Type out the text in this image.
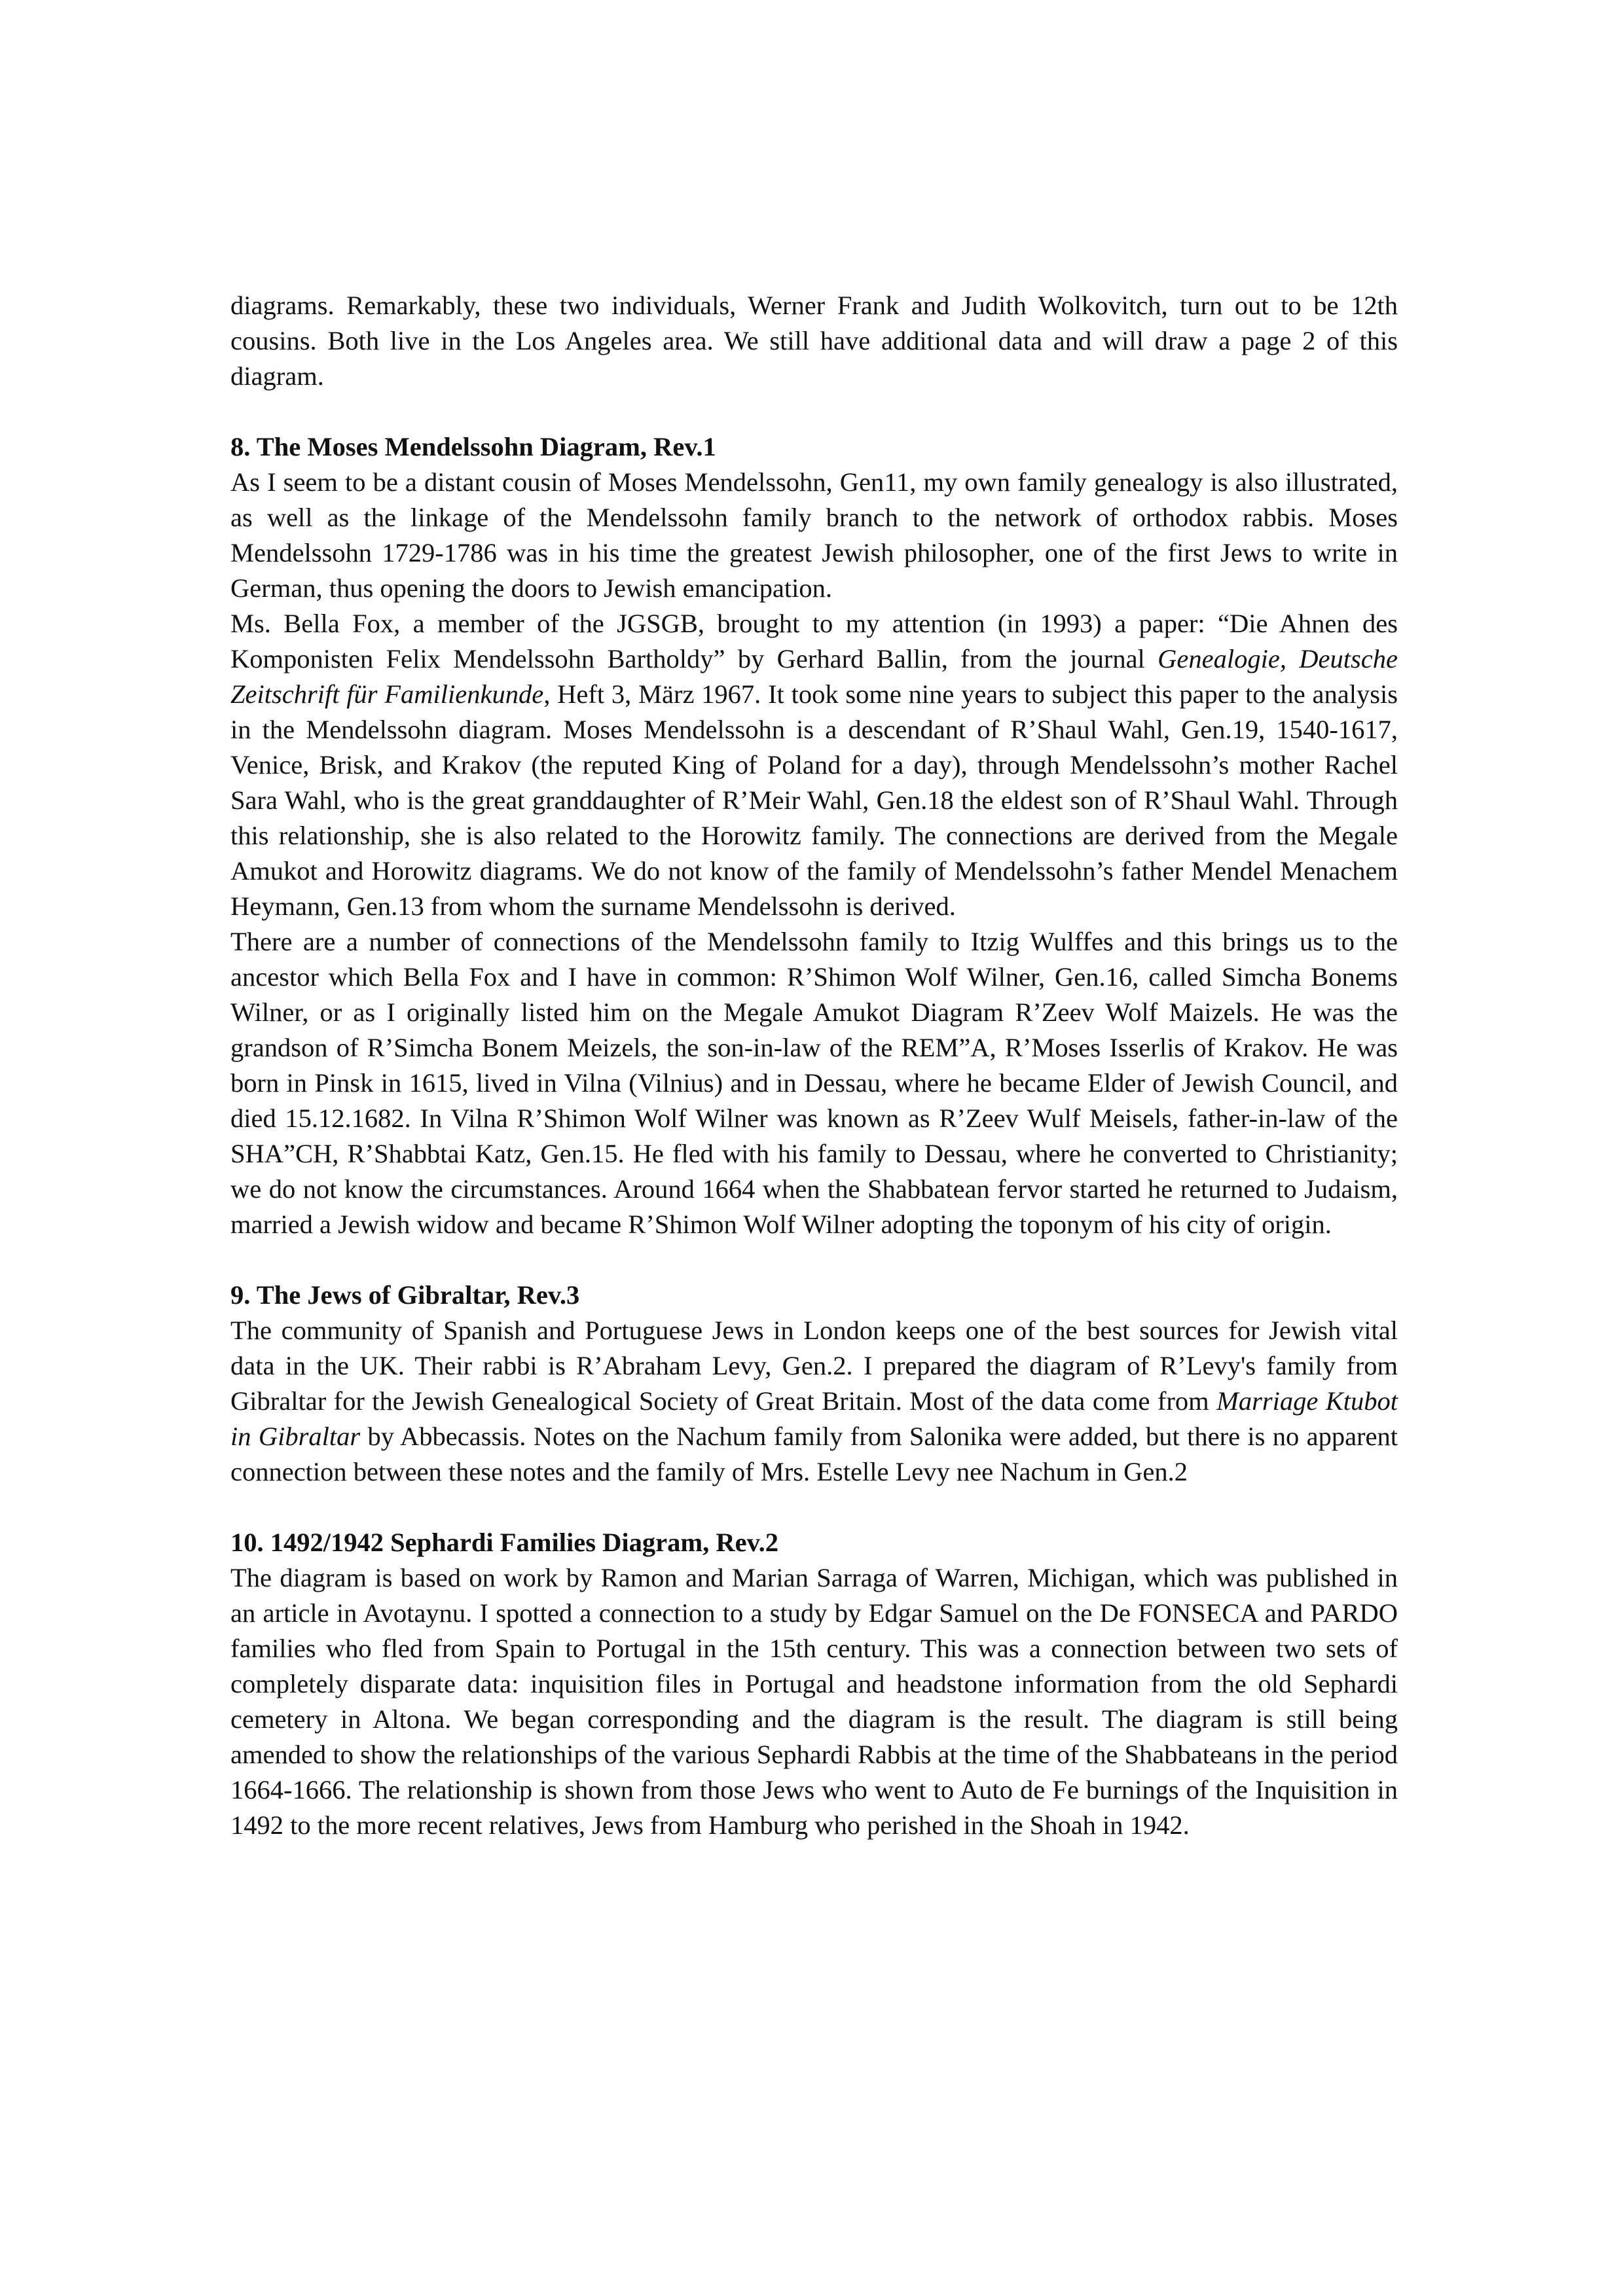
diagrams. Remarkably, these two individuals, Werner Frank and Judith Wolkovitch, turn out to be 12th cousins. Both live in the Los Angeles area. We still have additional data and will draw a page 2 of this diagram.

8. The Moses Mendelssohn Diagram, Rev.1

As I seem to be a distant cousin of Moses Mendelssohn, Gen11, my own family genealogy is also illustrated, as well as the linkage of the Mendelssohn family branch to the network of orthodox rabbis. Moses Mendelssohn 1729-1786 was in his time the greatest Jewish philosopher, one of the first Jews to write in German, thus opening the doors to Jewish emancipation.

Ms. Bella Fox, a member of the JGSGB, brought to my attention (in 1993) a paper: “Die Ahnen des Komponisten Felix Mendelssohn Bartholdy” by Gerhard Ballin, from the journal Genealogie, Deutsche Zeitschrift für Familienkunde, Heft 3, März 1967. It took some nine years to subject this paper to the analysis in the Mendelssohn diagram. Moses Mendelssohn is a descendant of R’Shaul Wahl, Gen.19, 1540-1617, Venice, Brisk, and Krakov (the reputed King of Poland for a day), through Mendelssohn’s mother Rachel Sara Wahl, who is the great granddaughter of R’Meir Wahl, Gen.18 the eldest son of R’Shaul Wahl. Through this relationship, she is also related to the Horowitz family. The connections are derived from the Megale Amukot and Horowitz diagrams. We do not know of the family of Mendelssohn’s father Mendel Menachem Heymann, Gen.13 from whom the surname Mendelssohn is derived.

There are a number of connections of the Mendelssohn family to Itzig Wulffes and this brings us to the ancestor which Bella Fox and I have in common: R’Shimon Wolf Wilner, Gen.16, called Simcha Bonems Wilner, or as I originally listed him on the Megale Amukot Diagram R’Zeev Wolf Maizels. He was the grandson of R’Simcha Bonem Meizels, the son-in-law of the REM”A, R’Moses Isserlis of Krakov. He was born in Pinsk in 1615, lived in Vilna (Vilnius) and in Dessau, where he became Elder of Jewish Council, and died 15.12.1682. In Vilna R’Shimon Wolf Wilner was known as R’Zeev Wulf Meisels, father-in-law of the SHA”CH, R’Shabbtai Katz, Gen.15. He fled with his family to Dessau, where he converted to Christianity; we do not know the circumstances. Around 1664 when the Shabbatean fervor started he returned to Judaism, married a Jewish widow and became R’Shimon Wolf Wilner adopting the toponym of his city of origin.

9. The Jews of Gibraltar, Rev.3

The community of Spanish and Portuguese Jews in London keeps one of the best sources for Jewish vital data in the UK. Their rabbi is R’Abraham Levy, Gen.2. I prepared the diagram of R’Levy's family from Gibraltar for the Jewish Genealogical Society of Great Britain. Most of the data come from Marriage Ktubot in Gibraltar by Abbecassis. Notes on the Nachum family from Salonika were added, but there is no apparent connection between these notes and the family of Mrs. Estelle Levy nee Nachum in Gen.2

10. 1492/1942 Sephardi Families Diagram, Rev.2

The diagram is based on work by Ramon and Marian Sarraga of Warren, Michigan, which was published in an article in Avotaynu. I spotted a connection to a study by Edgar Samuel on the De FONSECA and PARDO families who fled from Spain to Portugal in the 15th century. This was a connection between two sets of completely disparate data: inquisition files in Portugal and headstone information from the old Sephardi cemetery in Altona. We began corresponding and the diagram is the result. The diagram is still being amended to show the relationships of the various Sephardi Rabbis at the time of the Shabbateans in the period 1664-1666. The relationship is shown from those Jews who went to Auto de Fe burnings of the Inquisition in 1492 to the more recent relatives, Jews from Hamburg who perished in the Shoah in 1942.
